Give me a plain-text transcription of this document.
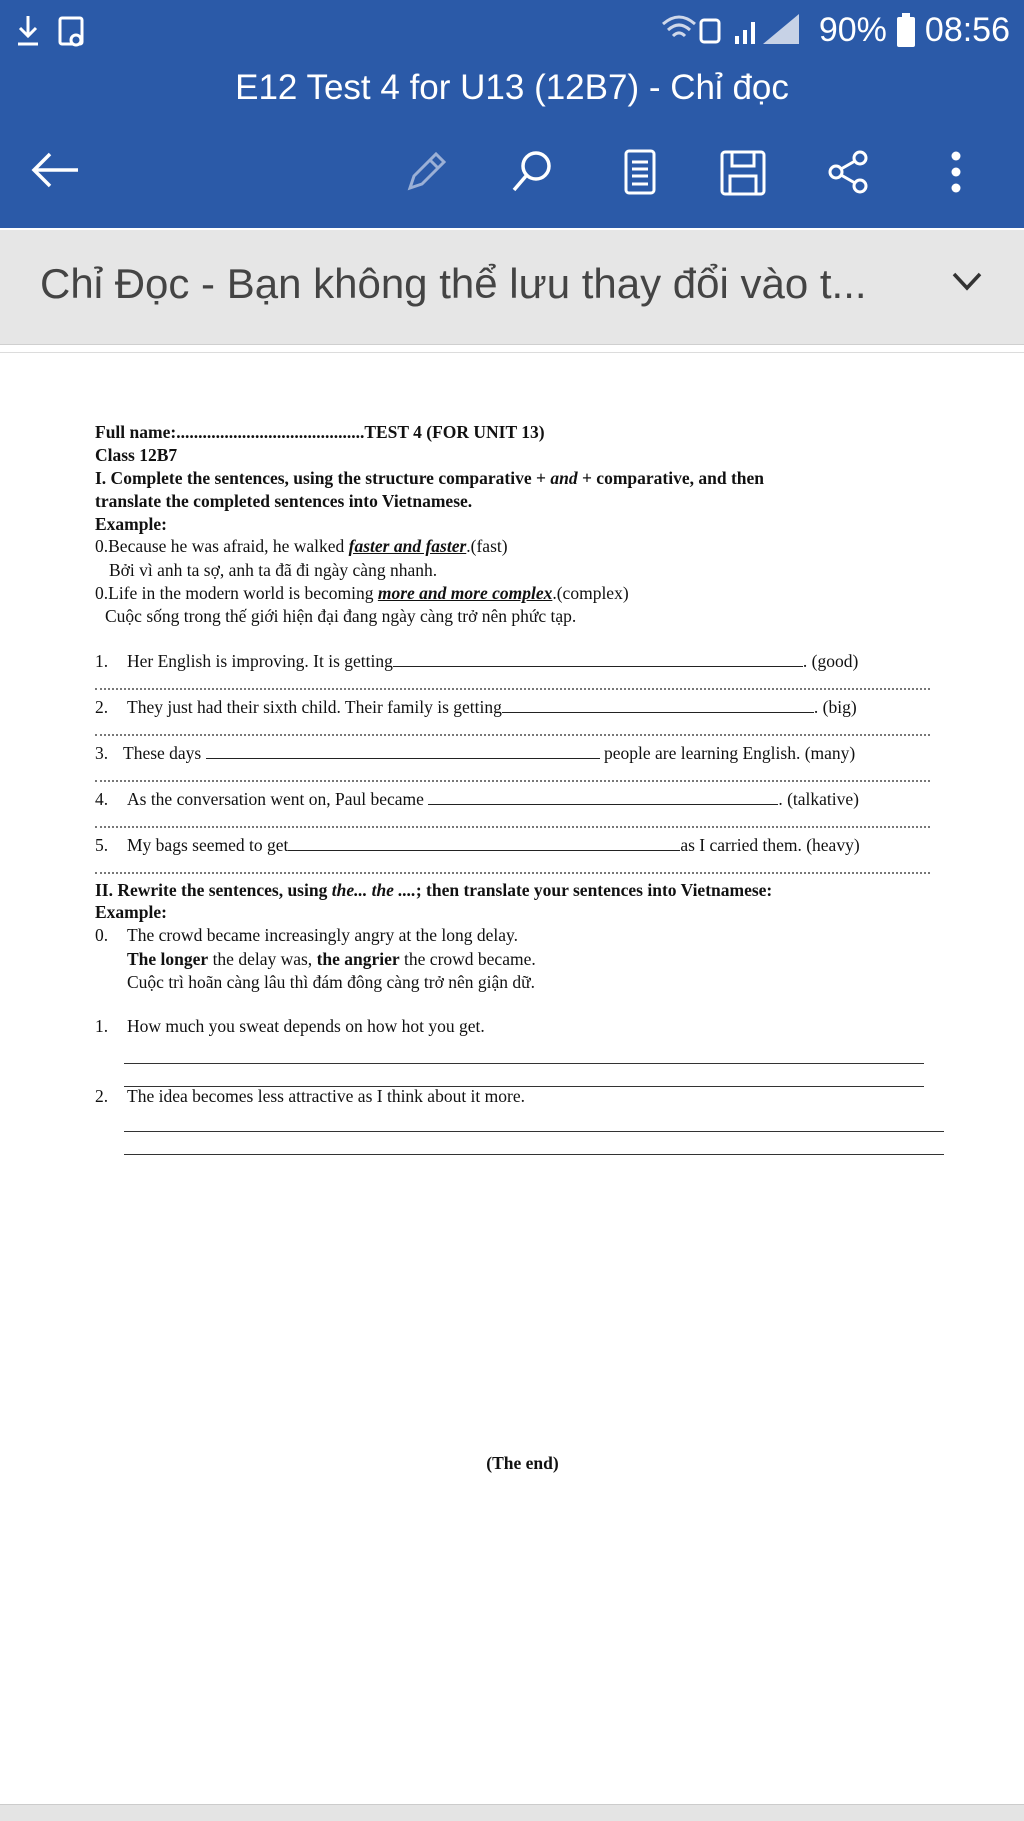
90% 08:56
E12 Test 4 for U13 (12B7) - Chỉ đọc
Chỉ Đọc - Bạn không thể lưu thay đổi vào t...
Full name:...........................................TEST 4 (FOR UNIT 13)
Class 12B7
I. Complete the sentences, using the structure comparative + and + comparative, and then
translate the completed sentences into Vietnamese.
Example:
0.Because he was afraid, he walked faster and faster.(fast)
Bởi vì anh ta sợ, anh ta đã đi ngày càng nhanh.
0.Life in the modern world is becoming more and more complex.(complex)
Cuộc sống trong thế giới hiện đại đang ngày càng trở nên phức tạp.
1. Her English is improving. It is getting	. (good)
2. They just had their sixth child. Their family is getting	. (big)
3. These days	people are learning English. (many)
4. As the conversation went on, Paul became	. (talkative)
5. My bags seemed to get	as I carried them. (heavy)
II. Rewrite the sentences, using the... the ....; then translate your sentences into Vietnamese:
Example:
0. The crowd became increasingly angry at the long delay.
The longer the delay was, the angrier the crowd became.
Cuộc trì hoãn càng lâu thì đám đông càng trở nên giận dữ.
1. How much you sweat depends on how hot you get.
2. The idea becomes less attractive as I think about it more.
(The end)
